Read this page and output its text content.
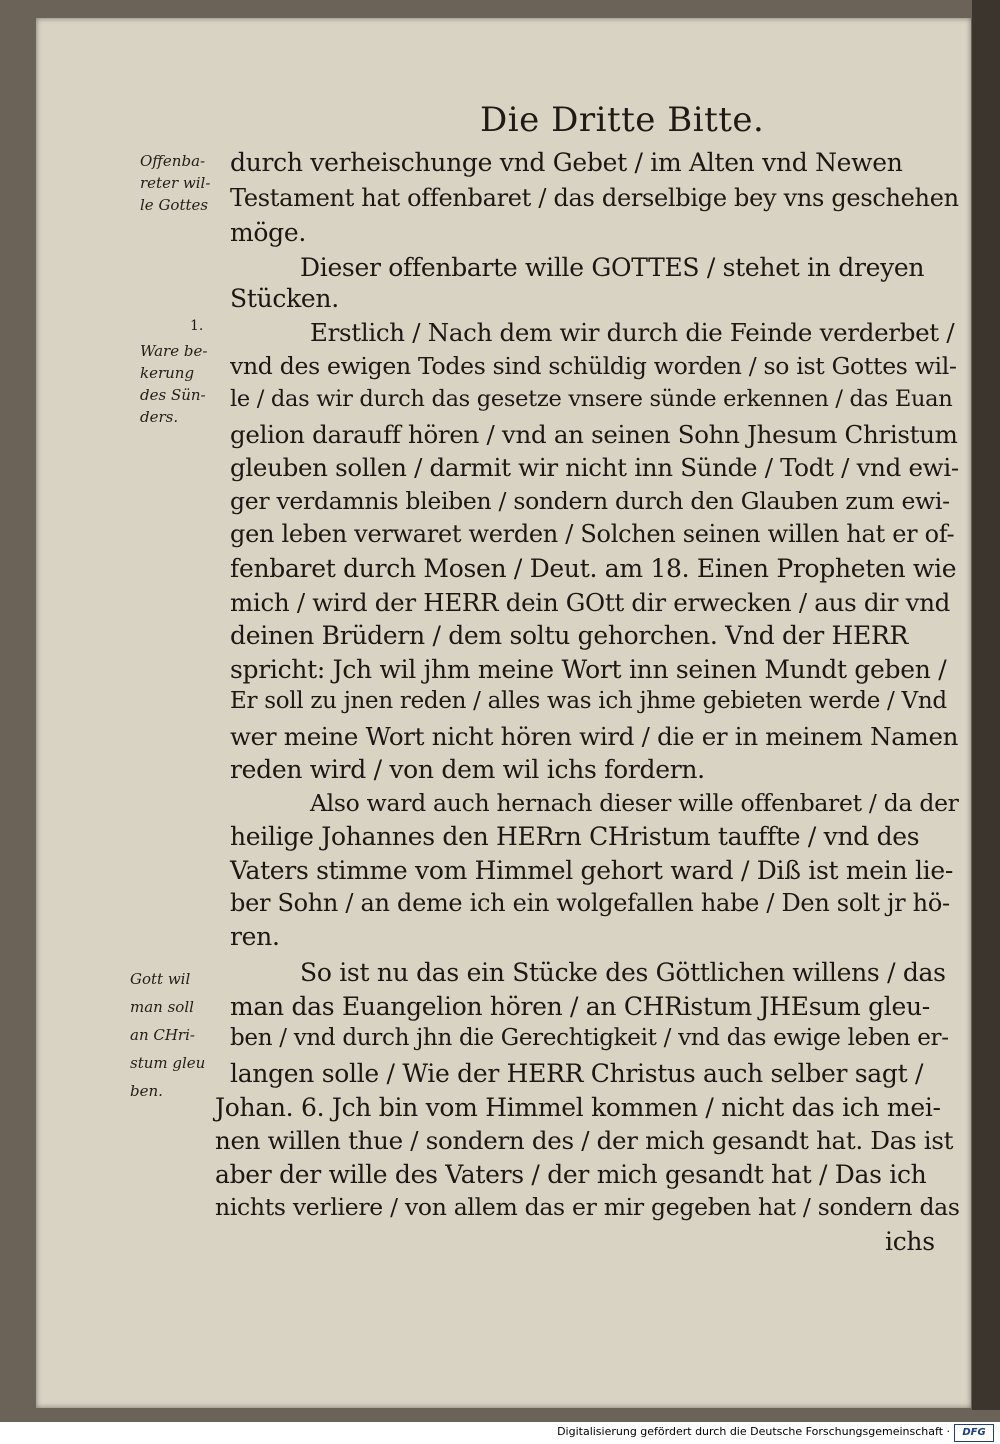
Die Dritte Bitte.
Offenba-
reter wil-
le Gottes
1.
Ware be-
kerung
des Sün-
ders.
Gott wil
man soll
an CHri-
stum gleu
ben.
durch verheischunge vnd Gebet / im Alten vnd Newen
Testament hat offenbaret / das derselbige bey vns geschehen
möge.
Dieser offenbarte wille GOTTES / stehet in dreyen
Stücken.
Erstlich / Nach dem wir durch die Feinde verderbet /
vnd des ewigen Todes sind schüldig worden / so ist Gottes wil-
le / das wir durch das gesetze vnsere sünde erkennen / das Euan
gelion darauff hören / vnd an seinen Sohn Jhesum Christum
gleuben sollen / darmit wir nicht inn Sünde / Todt / vnd ewi-
ger verdamnis bleiben / sondern durch den Glauben zum ewi-
gen leben verwaret werden / Solchen seinen willen hat er of-
fenbaret durch Mosen / Deut. am 18. Einen Propheten wie
mich / wird der HERR dein GOtt dir erwecken / aus dir vnd
deinen Brüdern / dem soltu gehorchen. Vnd der HERR
spricht: Jch wil jhm meine Wort inn seinen Mundt geben /
Er soll zu jnen reden / alles was ich jhme gebieten werde / Vnd
wer meine Wort nicht hören wird / die er in meinem Namen
reden wird / von dem wil ichs fordern.
Also ward auch hernach dieser wille offenbaret / da der
heilige Johannes den HERrn CHristum tauffte / vnd des
Vaters stimme vom Himmel gehort ward / Diß ist mein lie-
ber Sohn / an deme ich ein wolgefallen habe / Den solt jr hö-
ren.
So ist nu das ein Stücke des Göttlichen willens / das
man das Euangelion hören / an CHRistum JHEsum gleu-
ben / vnd durch jhn die Gerechtigkeit / vnd das ewige leben er-
langen solle / Wie der HERR Christus auch selber sagt /
Johan. 6. Jch bin vom Himmel kommen / nicht das ich mei-
nen willen thue / sondern des / der mich gesandt hat. Das ist
aber der wille des Vaters / der mich gesandt hat / Das ich
nichts verliere / von allem das er mir gegeben hat / sondern das
ichs
Digitalisierung gefördert durch die Deutsche Forschungsgemeinschaft ·	DFG
